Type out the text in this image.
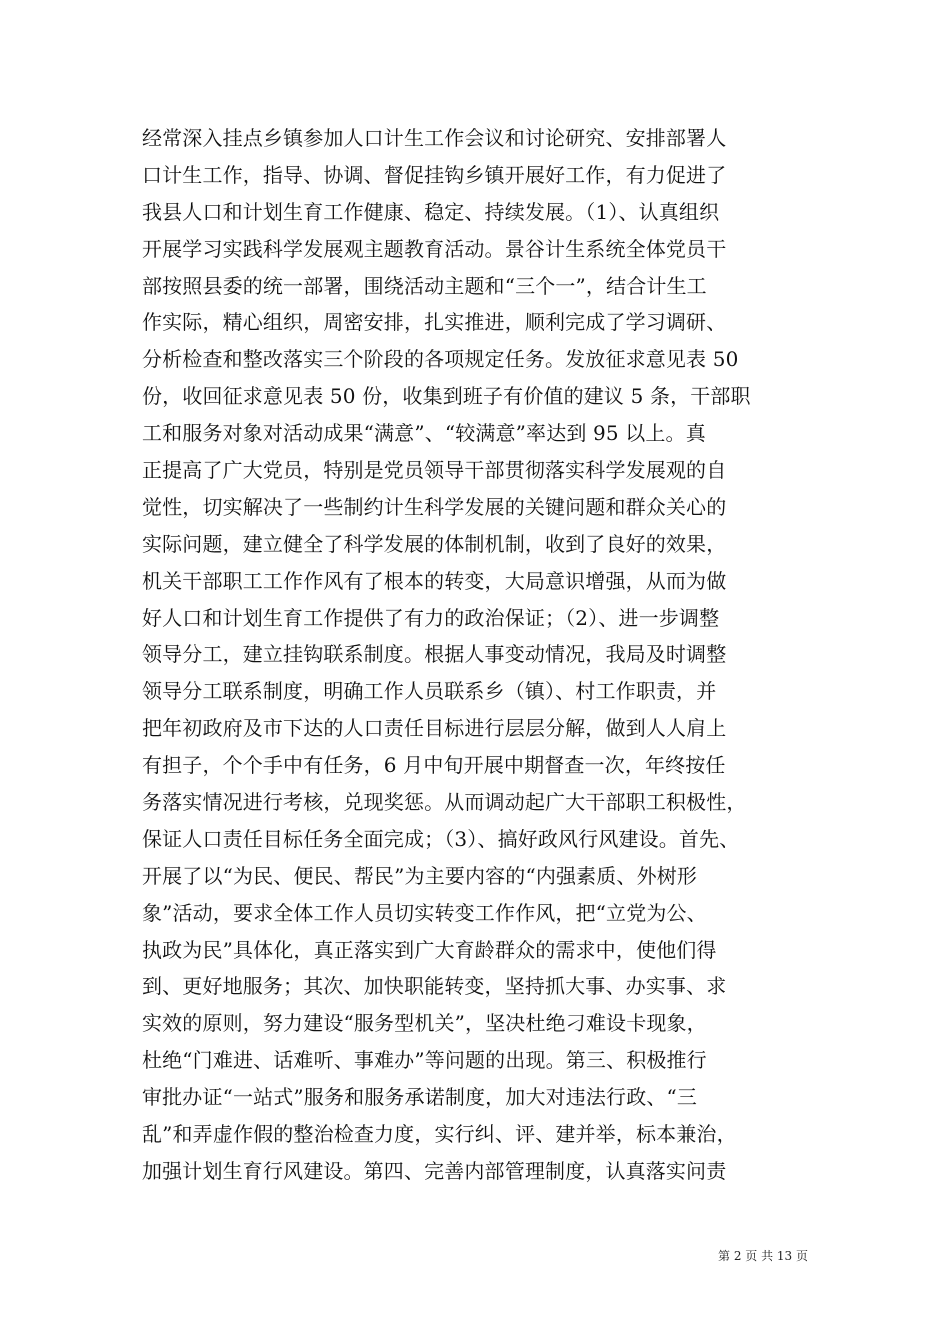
经常深入挂点乡镇参加人口计生工作会议和讨论研究、安排部署人
口计生工作，指导、协调、督促挂钩乡镇开展好工作，有力促进了
我县人口和计划生育工作健康、稳定、持续发展。（1）、认真组织
开展学习实践科学发展观主题教育活动。景谷计生系统全体党员干
部按照县委的统一部署，围绕活动主题和“三个一”，结合计生工
作实际，精心组织，周密安排，扎实推进，顺利完成了学习调研、
分析检查和整改落实三个阶段的各项规定任务。发放征求意见表 50
份，收回征求意见表 50 份，收集到班子有价值的建议 5 条，干部职
工和服务对象对活动成果“满意”、“较满意”率达到 95 以上。真
正提高了广大党员，特别是党员领导干部贯彻落实科学发展观的自
觉性，切实解决了一些制约计生科学发展的关键问题和群众关心的
实际问题，建立健全了科学发展的体制机制，收到了良好的效果，
机关干部职工工作作风有了根本的转变，大局意识增强，从而为做
好人口和计划生育工作提供了有力的政治保证；（2）、进一步调整
领导分工，建立挂钩联系制度。根据人事变动情况，我局及时调整
领导分工联系制度，明确工作人员联系乡（镇）、村工作职责，并
把年初政府及市下达的人口责任目标进行层层分解，做到人人肩上
有担子，个个手中有任务，6 月中旬开展中期督查一次，年终按任
务落实情况进行考核，兑现奖惩。从而调动起广大干部职工积极性，
保证人口责任目标任务全面完成；（3）、搞好政风行风建设。首先、
开展了以“为民、便民、帮民”为主要内容的“内强素质、外树形
象”活动，要求全体工作人员切实转变工作作风，把“立党为公、
执政为民”具体化，真正落实到广大育龄群众的需求中，使他们得
到、更好地服务；其次、加快职能转变，坚持抓大事、办实事、求
实效的原则，努力建设“服务型机关”，坚决杜绝刁难设卡现象，
杜绝“门难进、话难听、事难办”等问题的出现。第三、积极推行
审批办证“一站式”服务和服务承诺制度，加大对违法行政、“三
乱”和弄虚作假的整治检查力度，实行纠、评、建并举，标本兼治，
加强计划生育行风建设。第四、完善内部管理制度，认真落实问责
第 2 页 共 13 页
